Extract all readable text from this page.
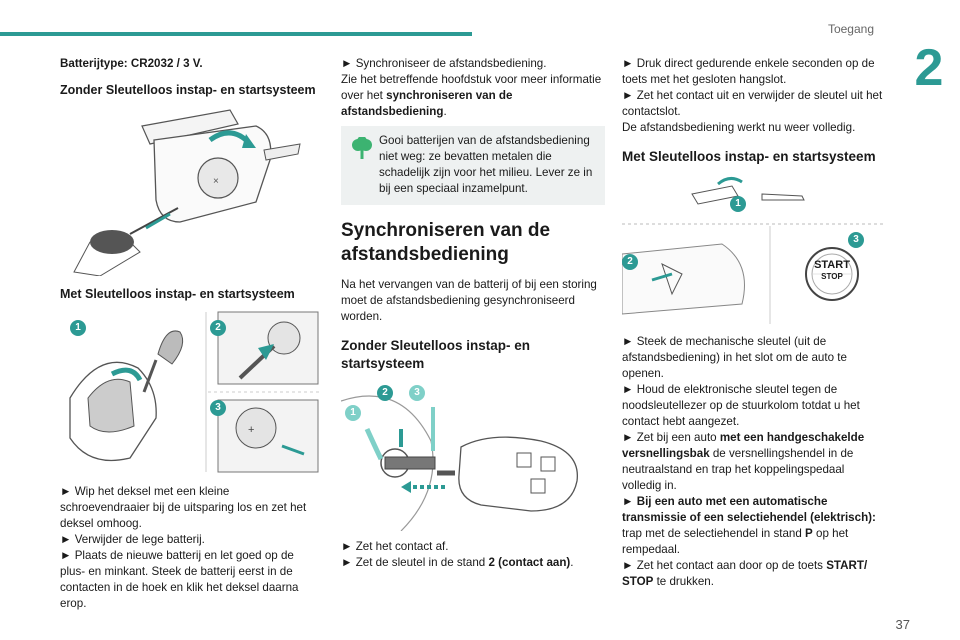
Toegang
2
37

Batterijtype: CR2032 / 3 V.

Zonder Sleutelloos instap- en startsysteem
×
Met Sleutelloos instap- en startsysteem
+
1	2
3

► Wip het deksel met een kleine schroevendraaier bij de uitsparing los en zet het deksel omhoog.

► Verwijder de lege batterij.

► Plaats de nieuwe batterij en let goed op de plus- en minkant. Steek de batterij eerst in de contacten in de hoek en klik het deksel daarna erop.

► Synchroniseer de afstandsbediening.

Zie het betreffende hoofdstuk voor meer informatie over het synchroniseren van de afstandsbediening.

Gooi batterijen van de afstandsbediening niet weg: ze bevatten metalen die schadelijk zijn voor het milieu. Lever ze in bij een speciaal inzamelpunt.
Synchroniseren van de afstandsbediening

Na het vervangen van de batterij of bij een storing moet de afstandsbediening gesynchroniseerd worden.

Zonder Sleutelloos instap- en startsysteem
1
2	3

► Zet het contact af.

► Zet de sleutel in de stand 2 (contact aan).

► Druk direct gedurende enkele seconden op de toets met het gesloten hangslot.

► Zet het contact uit en verwijder de sleutel uit het contactslot.

De afstandsbediening werkt nu weer volledig.

Met Sleutelloos instap- en startsysteem
1
2
3
START
STOP

► Steek de mechanische sleutel (uit de afstandsbediening) in het slot om de auto te openen.

► Houd de elektronische sleutel tegen de noodsleutellezer op de stuurkolom totdat u het contact hebt aangezet.

► Zet bij een auto met een handgeschakelde versnellingsbak de versnellingshendel in de neutraalstand en trap het koppelingspedaal volledig in.

► Bij een auto met een automatische transmissie of een selectiehendel (elektrisch): trap met de selectiehendel in stand P op het rempedaal.

► Zet het contact aan door op de toets START/ STOP te drukken.
